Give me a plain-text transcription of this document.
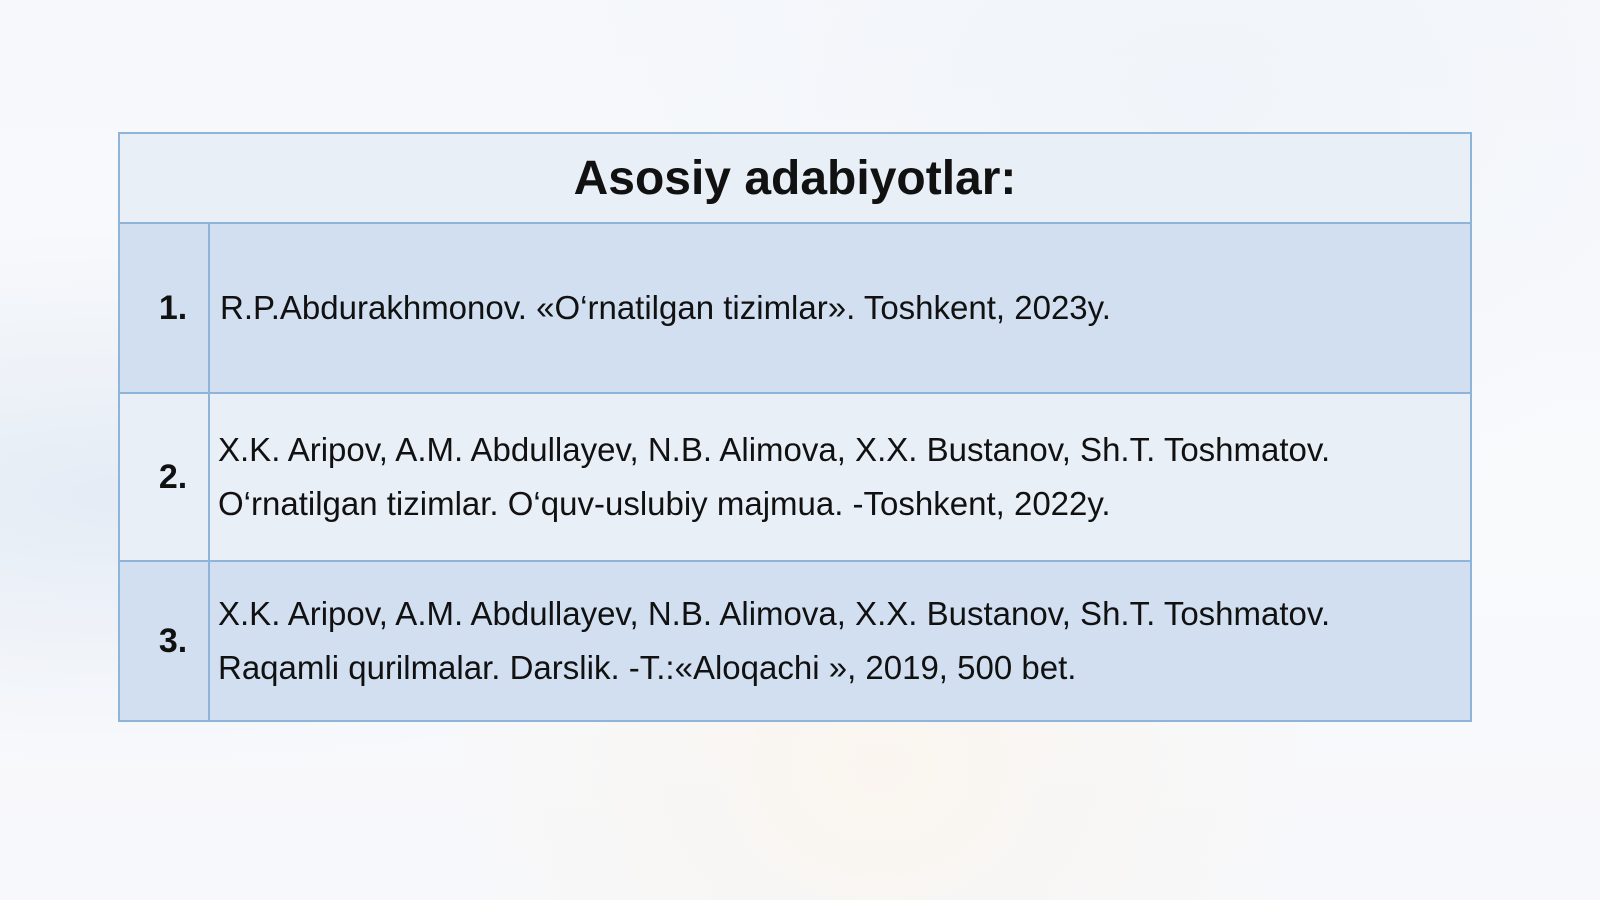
Asosiy adabiyotlar:	
1.	R.P.Abdurakhmonov. «O‘rnatilgan tizimlar». Toshkent, 2023y.

2.	X.K. Aripov, A.M. Abdullayev, N.B. Alimova, X.X. Bustanov, Sh.T. Toshmatov.
O‘rnatilgan tizimlar. O‘quv-uslubiy majmua. -Toshkent, 2022y.

3.	X.K. Aripov, A.M. Abdullayev, N.B. Alimova, X.X. Bustanov, Sh.T. Toshmatov.
Raqamli qurilmalar. Darslik. -T.:«Aloqachi », 2019, 500 bet.
